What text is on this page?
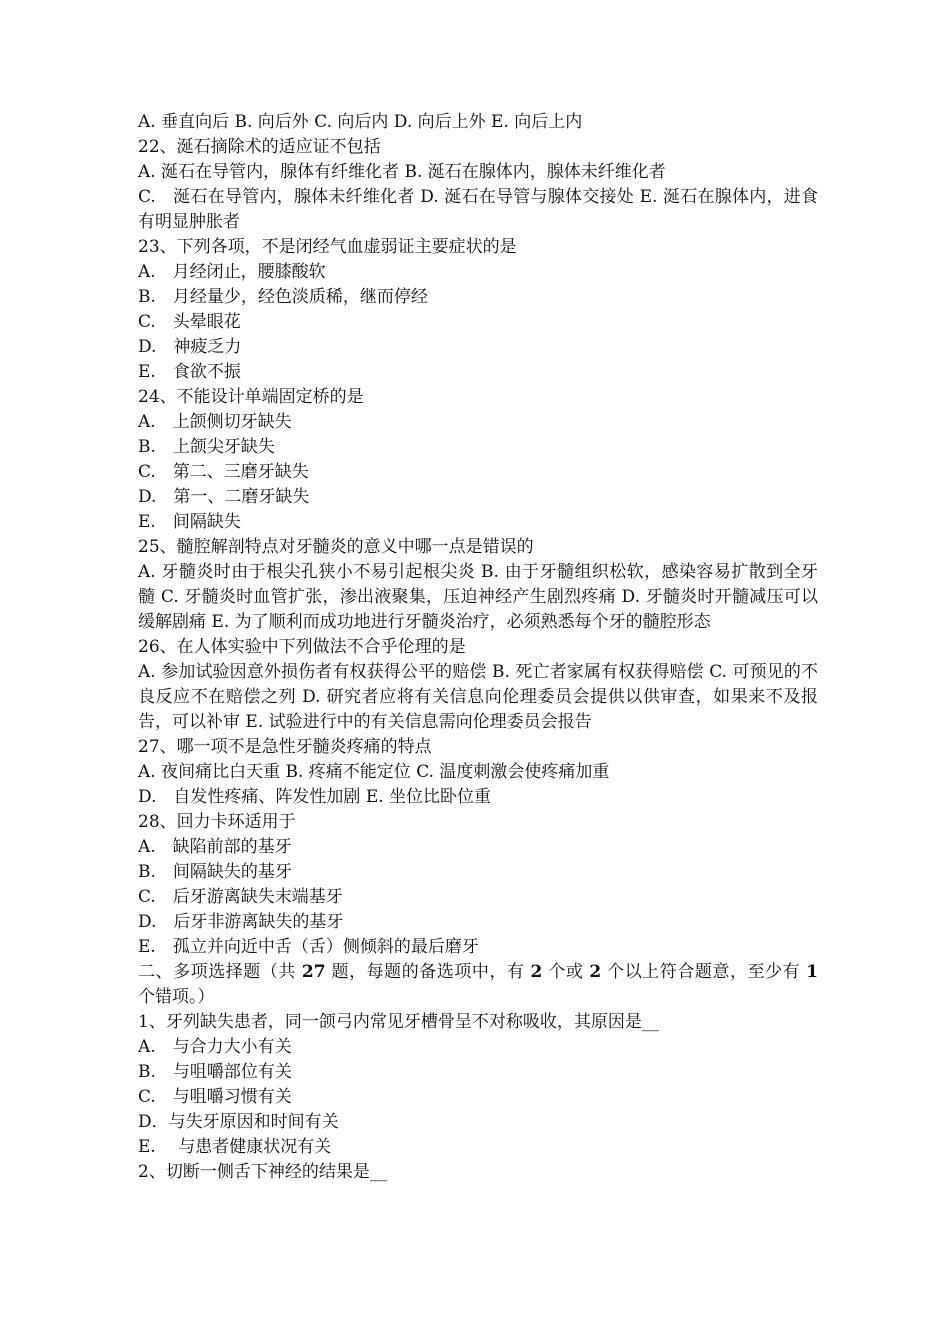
A. 垂直向后 B. 向后外 C. 向后内 D. 向后上外 E. 向后上内

22、涎石摘除术的适应证不包括

A. 涎石在导管内，腺体有纤维化者 B. 涎石在腺体内，腺体未纤维化者

C.　涎石在导管内，腺体未纤维化者 D. 涎石在导管与腺体交接处 E. 涎石在腺体内，进食有明显肿胀者

23、下列各项，不是闭经气血虚弱证主要症状的是

A.　月经闭止，腰膝酸软

B.　月经量少，经色淡质稀，继而停经

C.　头晕眼花

D.　神疲乏力

E.　食欲不振

24、不能设计单端固定桥的是

A.　上颌侧切牙缺失

B.　上颌尖牙缺失

C.　第二、三磨牙缺失

D.　第一、二磨牙缺失

E.　间隔缺失

25、髓腔解剖特点对牙髓炎的意义中哪一点是错误的

A. 牙髓炎时由于根尖孔狭小不易引起根尖炎 B. 由于牙髓组织松软，感染容易扩散到全牙髓 C. 牙髓炎时血管扩张，渗出液聚集，压迫神经产生剧烈疼痛 D. 牙髓炎时开髓减压可以缓解剧痛 E. 为了顺利而成功地进行牙髓炎治疗，必须熟悉每个牙的髓腔形态

26、在人体实验中下列做法不合乎伦理的是

A. 参加试验因意外损伤者有权获得公平的赔偿 B. 死亡者家属有权获得赔偿 C. 可预见的不良反应不在赔偿之列 D. 研究者应将有关信息向伦理委员会提供以供审查，如果来不及报告，可以补审 E. 试验进行中的有关信息需向伦理委员会报告

27、哪一项不是急性牙髓炎疼痛的特点

A. 夜间痛比白天重 B. 疼痛不能定位 C. 温度刺激会使疼痛加重

D.　自发性疼痛、阵发性加剧 E. 坐位比卧位重

28、回力卡环适用于

A.　缺陷前部的基牙

B.　间隔缺失的基牙

C.　后牙游离缺失末端基牙

D.　后牙非游离缺失的基牙

E.　孤立并向近中舌（舌）侧倾斜的最后磨牙

二、多项选择题（共 27 题，每题的备选项中，有 2 个或 2 个以上符合题意，至少有 1 个错项。）

1、牙列缺失患者，同一颌弓内常见牙槽骨呈不对称吸收，其原因是__

A.　与合力大小有关

B.　与咀嚼部位有关

C.　与咀嚼习惯有关

D．与失牙原因和时间有关

E.　 与患者健康状况有关

2、切断一侧舌下神经的结果是__
